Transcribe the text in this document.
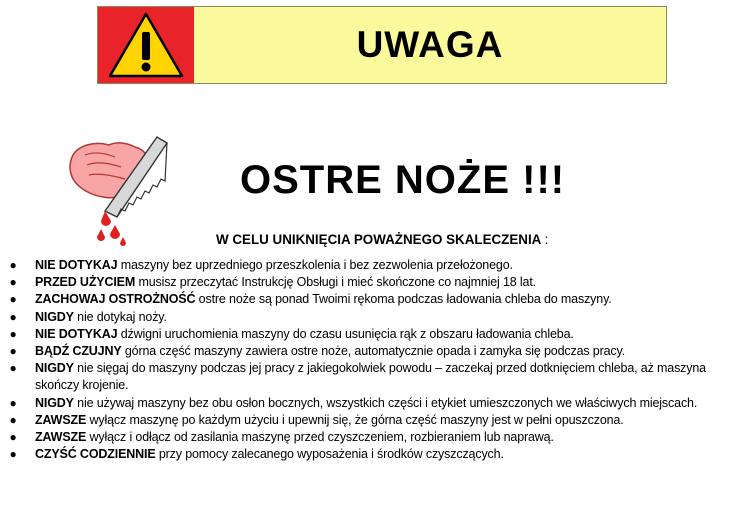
UWAGA
OSTRE NOŻE !!!
W CELU UNIKNIĘCIA POWAŻNEGO SKALECZENIA :
● NIE DOTYKAJ maszyny bez uprzedniego przeszkolenia i bez zezwolenia przełożonego.
● PRZED UŻYCIEM musisz przeczytać Instrukcję Obsługi i mieć skończone co najmniej 18 lat.
● ZACHOWAJ OSTROŻNOŚĆ ostre noże są ponad Twoimi rękoma podczas ładowania chleba do maszyny.
● NIGDY nie dotykaj noży.
● NIE DOTYKAJ dźwigni uruchomienia maszyny do czasu usunięcia rąk z obszaru ładowania chleba.
● BĄDŹ CZUJNY górna część maszyny zawiera ostre noże, automatycznie opada i zamyka się podczas pracy.
● NIGDY nie sięgaj do maszyny podczas jej pracy z jakiegokolwiek powodu – zaczekaj przed dotknięciem chleba, aż maszyna skończy krojenie.
● NIGDY nie używaj maszyny bez obu osłon bocznych, wszystkich części i etykiet umieszczonych we właściwych miejscach.
● ZAWSZE wyłącz maszynę po każdym użyciu i upewnij się, że górna część maszyny jest w pełni opuszczona.
● ZAWSZE wyłącz i odłącz od zasilania maszynę przed czyszczeniem, rozbieraniem lub naprawą.
● CZYŚĆ CODZIENNIE przy pomocy zalecanego wyposażenia i środków czyszczących.
